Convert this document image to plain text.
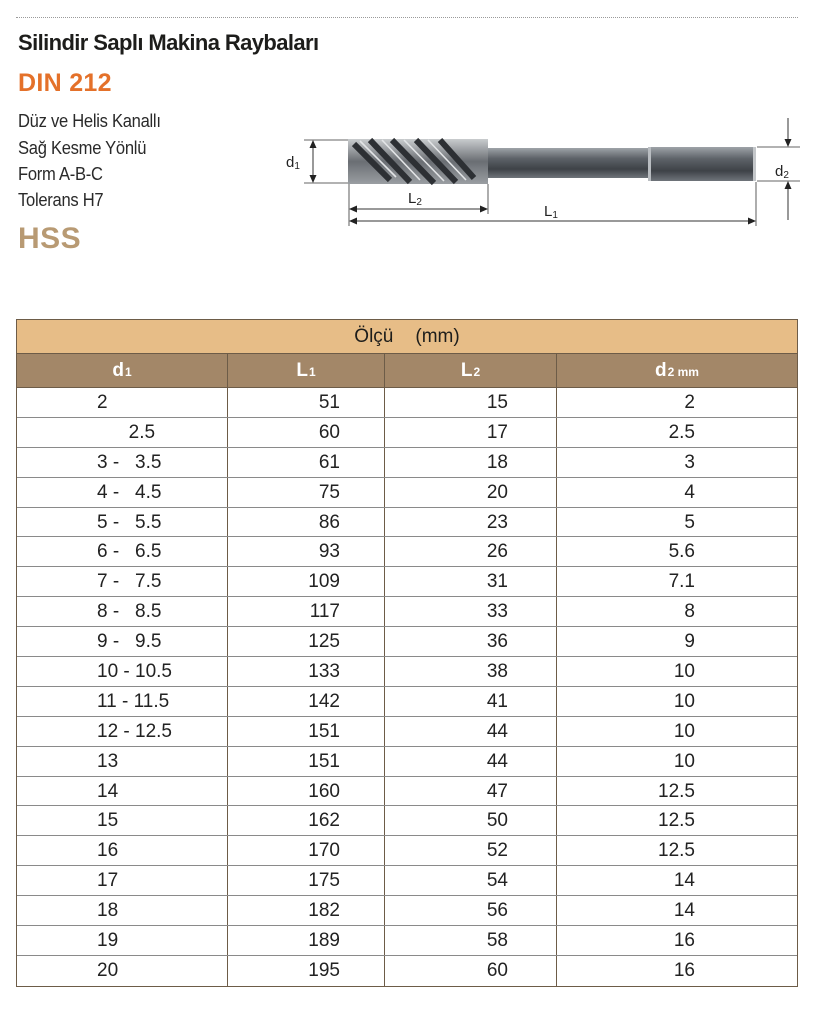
Silindir Saplı Makina Raybaları
DIN 212
Düz ve Helis Kanallı
Sağ Kesme Yönlü
Form A-B-C
Tolerans H7
HSS
d1	d2
L2
L1
Ölçü (mm)
d1	L1	L2	d2 mm
2	51	15	2
2.5	60	17	2.5
3 -   3.5	61	18	3
4 -   4.5	75	20	4
5 -   5.5	86	23	5
6 -   6.5	93	26	5.6
7 -   7.5	109	31	7.1
8 -   8.5	117	33	8
9 -   9.5	125	36	9
10 - 10.5	133	38	10
11 - 11.5	142	41	10
12 - 12.5	151	44	10
13	151	44	10
14	160	47	12.5
15	162	50	12.5
16	170	52	12.5
17	175	54	14
18	182	56	14
19	189	58	16
20	195	60	16
